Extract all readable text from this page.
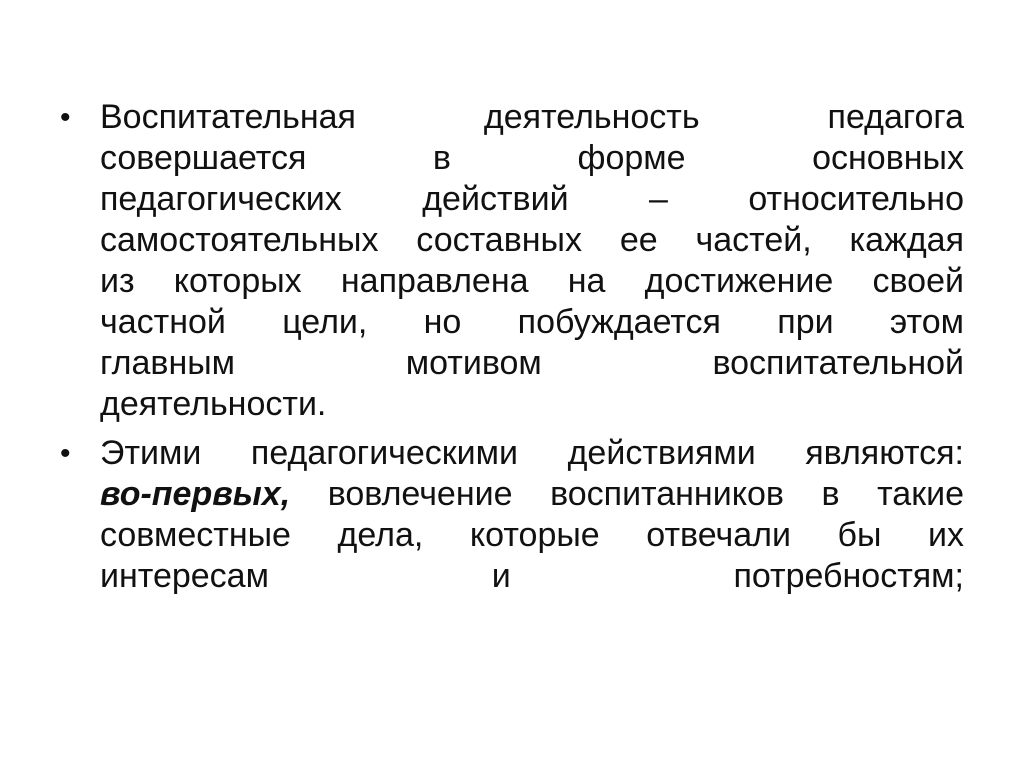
• Воспитательная деятельность педагога
совершается в форме основных
педагогических действий – относительно
самостоятельных составных ее частей, каждая
из которых направлена на достижение своей
частной цели, но побуждается при этом
главным мотивом воспитательной
деятельности.
• Этими педагогическими действиями являются:
во-первых, вовлечение воспитанников в такие
совместные дела, которые отвечали бы их
интересам и потребностям;
